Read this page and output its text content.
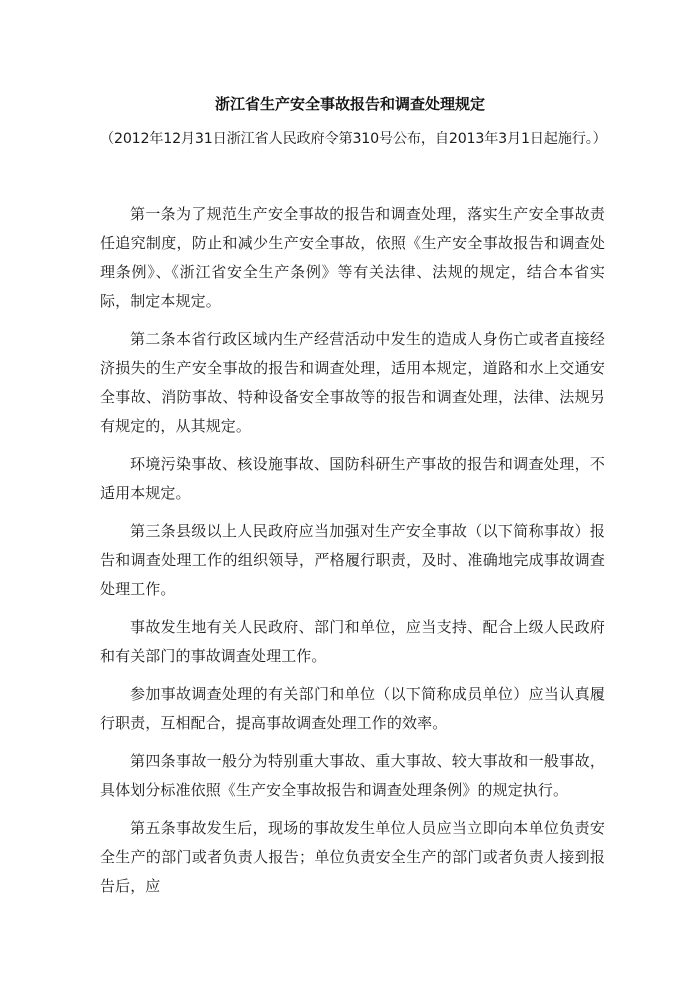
浙江省生产安全事故报告和调查处理规定
（2012年12月31日浙江省人民政府令第310号公布，自2013年3月1日起施行。）

第一条为了规范生产安全事故的报告和调查处理，落实生产安全事故责任追究制度，防止和减少生产安全事故，依照《生产安全事故报告和调查处理条例》、《浙江省安全生产条例》等有关法律、法规的规定，结合本省实际，制定本规定。

第二条本省行政区域内生产经营活动中发生的造成人身伤亡或者直接经济损失的生产安全事故的报告和调查处理，适用本规定，道路和水上交通安全事故、消防事故、特种设备安全事故等的报告和调查处理，法律、法规另有规定的，从其规定。

环境污染事故、核设施事故、国防科研生产事故的报告和调查处理，不适用本规定。

第三条县级以上人民政府应当加强对生产安全事故（以下简称事故）报告和调查处理工作的组织领导，严格履行职责，及时、准确地完成事故调查处理工作。

事故发生地有关人民政府、部门和单位，应当支持、配合上级人民政府和有关部门的事故调查处理工作。

参加事故调查处理的有关部门和单位（以下简称成员单位）应当认真履行职责，互相配合，提高事故调查处理工作的效率。

第四条事故一般分为特别重大事故、重大事故、较大事故和一般事故，具体划分标准依照《生产安全事故报告和调查处理条例》的规定执行。

第五条事故发生后，现场的事故发生单位人员应当立即向本单位负责安全生产的部门或者负责人报告；单位负责安全生产的部门或者负责人接到报告后，应
